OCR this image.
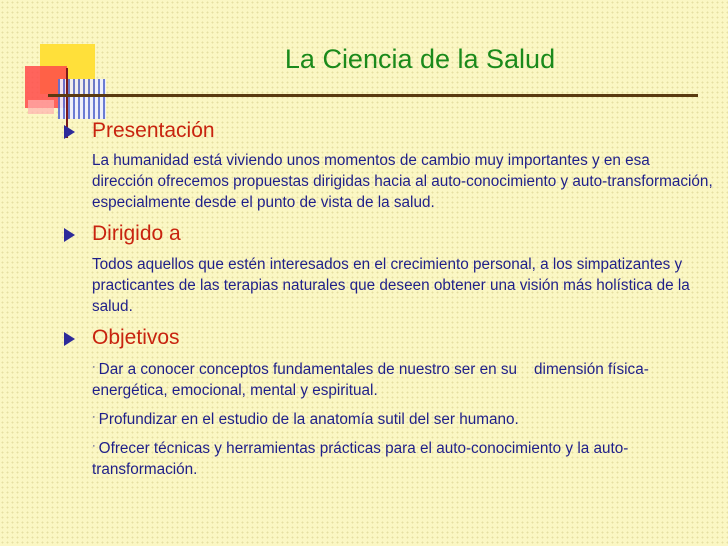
La Ciencia de la Salud
Presentación
La humanidad está viviendo unos momentos de cambio muy importantes y en esa dirección ofrecemos propuestas dirigidas hacia al auto-conocimiento y auto-transformación, especialmente desde el punto de vista de la salud.
Dirigido a
Todos aquellos que estén interesados en el crecimiento personal, a los simpatizantes y practicantes de las terapias naturales que deseen obtener una visión más holística de la salud.
Objetivos
· Dar a conocer conceptos fundamentales de nuestro ser en su    dimensión física-energética, emocional, mental y espiritual.
· Profundizar en el estudio de la anatomía sutil del ser humano.
· Ofrecer técnicas y herramientas prácticas para el auto-conocimiento y la auto-transformación.
